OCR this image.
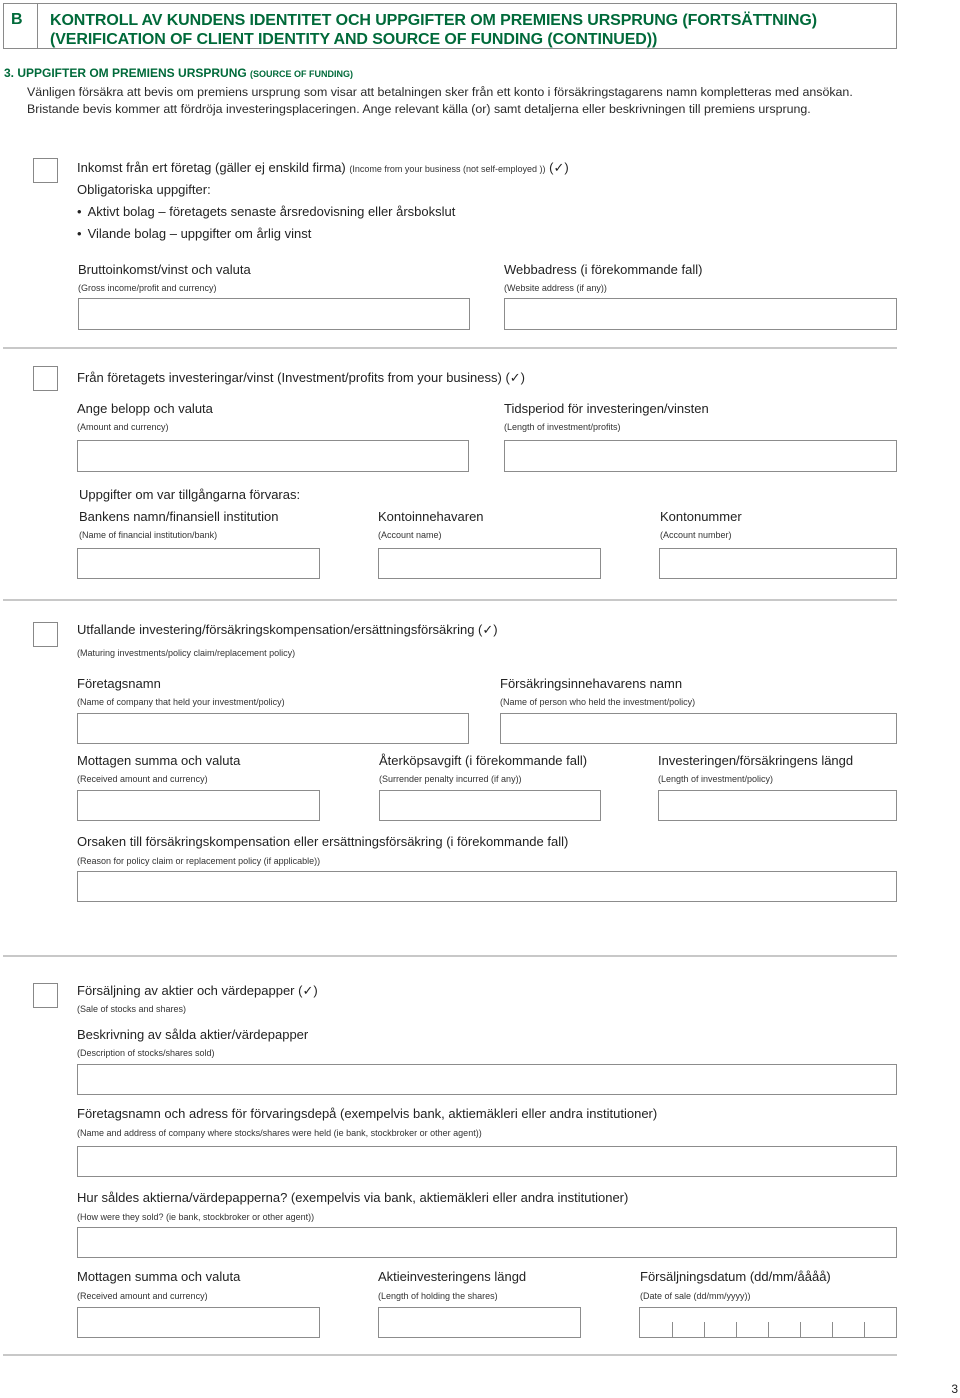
B KONTROLL AV KUNDENS IDENTITET OCH UPPGIFTER OM PREMIENS URSPRUNG (FORTSÄTTNING)
(VERIFICATION OF CLIENT IDENTITY AND SOURCE OF FUNDING (CONTINUED))
3. UPPGIFTER OM PREMIENS URSPRUNG (SOURCE OF FUNDING)
Vänligen försäkra att bevis om premiens ursprung som visar att betalningen sker från ett konto i försäkringstagarens namn kompletteras med ansökan. Bristande bevis kommer att fördröja investeringsplaceringen. Ange relevant källa (or) samt detaljerna eller beskrivningen till premiens ursprung.
Inkomst från ert företag (gäller ej enskild firma) (Income from your business (not self-employed )) (✓)
Obligatoriska uppgifter:
• Aktivt bolag – företagets senaste årsredovisning eller årsbokslut
• Vilande bolag – uppgifter om årlig vinst
Bruttoinkomst/vinst och valuta
(Gross income/profit and currency)
Webbadress (i förekommande fall)
(Website address (if any))
Från företagets investeringar/vinst (Investment/profits from your business) (✓)
Ange belopp och valuta
(Amount and currency)
Tidsperiod för investeringen/vinsten
(Length of investment/profits)
Uppgifter om var tillgångarna förvaras:
Bankens namn/finansiell institution
(Name of financial institution/bank)
Kontoinnehavaren
(Account name)
Kontonummer
(Account number)
Utfallande investering/försäkringskompensation/ersättningsförsäkring (✓)
(Maturing investments/policy claim/replacement policy)
Företagsnamn
(Name of company that held your investment/policy)
Försäkringsinnehavarens namn
(Name of person who held the investment/policy)
Mottagen summa och valuta
(Received amount and currency)
Återköpsavgift (i förekommande fall)
(Surrender penalty incurred (if any))
Investeringen/försäkringens längd
(Length of investment/policy)
Orsaken till försäkringskompensation eller ersättningsförsäkring (i förekommande fall)
(Reason for policy claim or replacement policy (if applicable))
Försäljning av aktier och värdepapper (✓)
(Sale of stocks and shares)
Beskrivning av sålda aktier/värdepapper
(Description of stocks/shares sold)
Företagsnamn och adress för förvaringsdepå (exempelvis bank, aktiemäkleri eller andra institutioner)
(Name and address of company where stocks/shares were held (ie bank, stockbroker or other agent))
Hur såldes aktierna/värdepapperna? (exempelvis via bank, aktiemäkleri eller andra institutioner)
(How were they sold? (ie bank, stockbroker or other agent))
Mottagen summa och valuta
(Received amount and currency)
Aktieinvesteringens längd
(Length of holding the shares)
Försäljningsdatum (dd/mm/åååå)
(Date of sale (dd/mm/yyyy))
3
